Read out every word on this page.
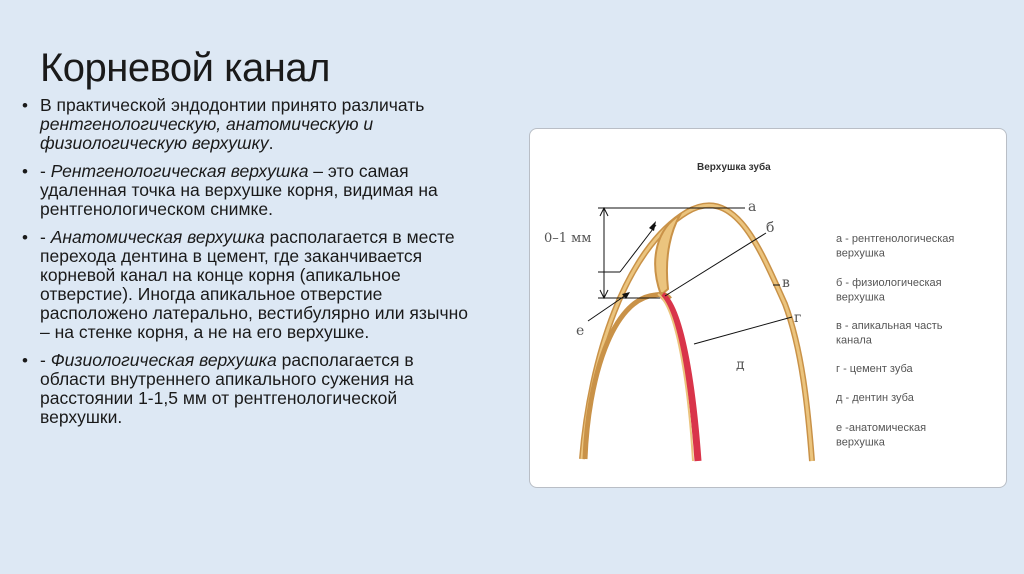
Корневой канал
• В практической эндодонтии принято различать рентгенологическую, анатомическую и физиологическую верхушку.
• - Рентгенологическая верхушка – это самая удаленная точка на верхушке корня, видимая на рентгенологическом снимке.
• - Анатомическая верхушка располагается в месте перехода дентина в цемент, где заканчивается корневой канал на конце корня (апикальное отверстие). Иногда апикальное отверстие расположено латерально, вестибулярно или язычно – на стенке корня, а не на его верхушке.
• - Физиологическая верхушка располагается в области внутреннего апикального сужения на расстоянии 1-1,5 мм от рентгенологической верхушки.
Верхушка зуба
0–1 мм
а
б
в
г
д
е
а - рентгенологическая
верхушка
б - физиологическая
верхушка
в - апикальная часть
канала
г - цемент зуба
д - дентин зуба
е -анатомическая
верхушка
